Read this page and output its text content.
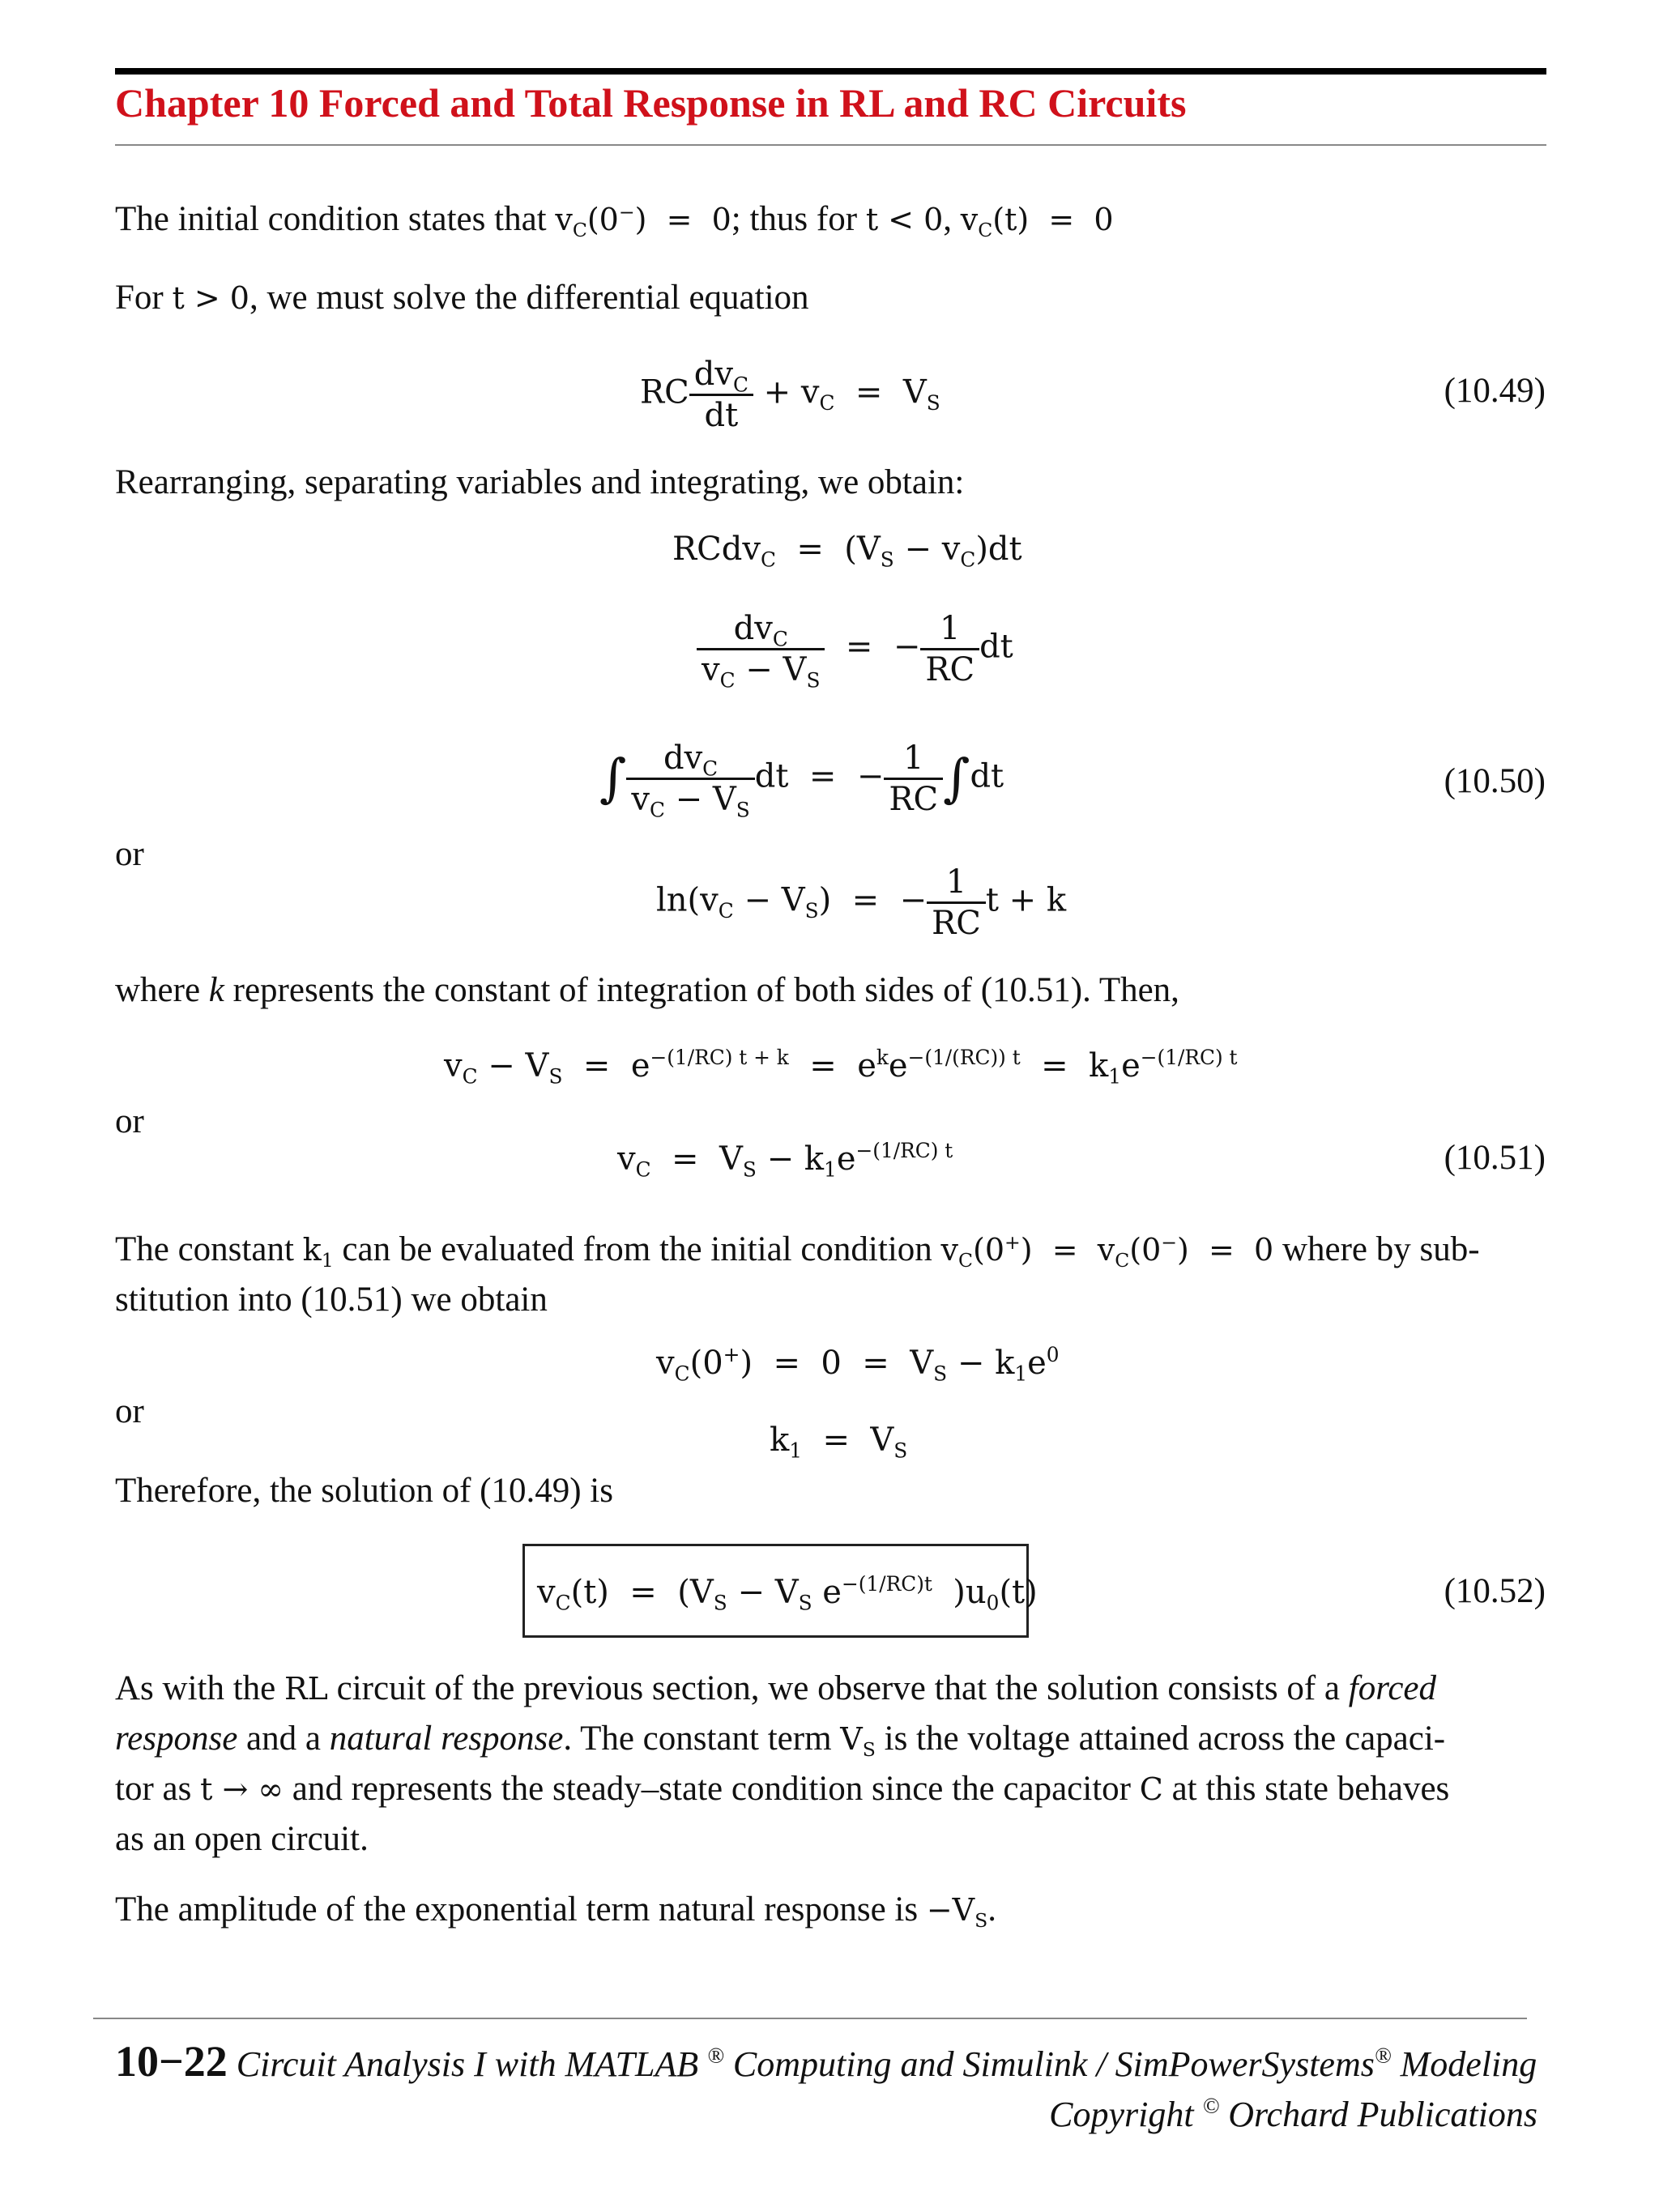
Chapter 10 Forced and Total Response in RL and RC Circuits
The initial condition states that $v_C(0^-) = 0$; thus for t < 0, $v_C(t) = 0$
For t > 0, we must solve the differential equation
RC $\frac{dv_C}{dt} + v_C = V_S$	(10.49)
Rearranging, separating variables and integrating, we obtain:
RCdv$_C$  =  $(V_S - v_C)dt$
$\frac{dv_C}{v_C - V_S}$ =  − $\frac{1}{RC}$ dt
∫ $\frac{dv_C}{v_C - V_S}$ dt  =  − $\frac{1}{RC} \int dt$	(10.50)
or
$\ln(v_C - V_S)$  =  − $\frac{1}{RC}$ t + k
where k represents the constant of integration of both sides of (10.51). Then,
$v_C - V_S = e^{-(1/RC) t + k} = e^ke^{-(1/(RC)) t} = k_1e^{-(1/RC) t}$
or
$v_C = V_S - k_1e^{-(1/RC) t}$	(10.51)
The constant $k_1$ can be evaluated from the initial condition $v_C(0^+) = v_C(0^-) = 0$ where by sub-
stitution into (10.51) we obtain
$v_C(0^+) = 0 = V_S - k_1e^0$
or
$k_1 = V_S$
Therefore, the solution of (10.49) is
$v_C(t) = (V_S - V_S$ $e^{-(1/RC)t}$  )$u_0(t)$	(10.52)
As with the RL circuit of the previous section, we observe that the solution consists of a forced
response and a natural response. The constant term $V_S$ is the voltage attained across the capaci-
tor as t → ∞ and represents the steady–state condition since the capacitor C at this state behaves
as an open circuit.
The amplitude of the exponential term natural response is $-V_S$.
10−22 Circuit Analysis I with MATLAB ® Computing and Simulink / SimPowerSystems® Modeling
Copyright © Orchard Publications
